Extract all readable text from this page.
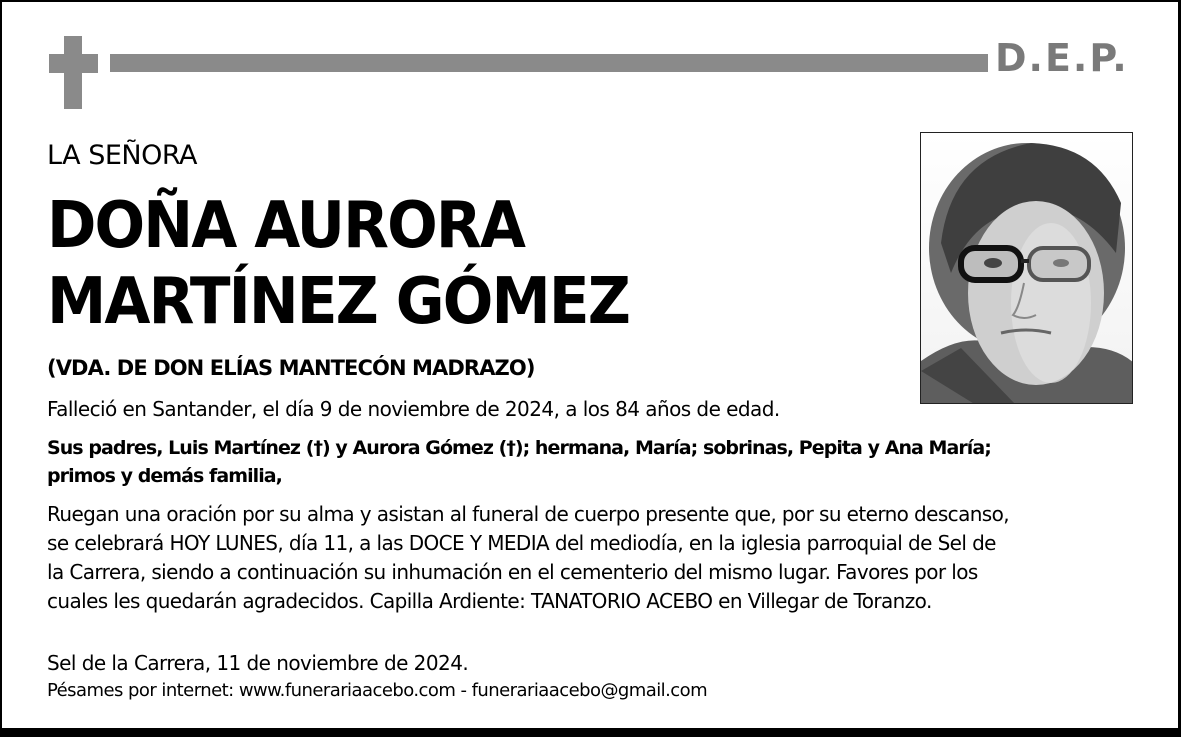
D.E.P.
LA SEÑORA
DOÑA AURORA
MARTÍNEZ GÓMEZ
(VDA. DE DON ELÍAS MANTECÓN MADRAZO)
Falleció en Santander, el día 9 de noviembre de 2024, a los 84 años de edad.
Sus padres, Luis Martínez (†) y Aurora Gómez (†); hermana, María; sobrinas, Pepita y Ana María;
primos y demás familia,
Ruegan una oración por su alma y asistan al funeral de cuerpo presente que, por su eterno descanso,
se celebrará HOY LUNES, día 11, a las DOCE Y MEDIA del mediodía, en la iglesia parroquial de Sel de
la Carrera, siendo a continuación su inhumación en el cementerio del mismo lugar. Favores por los
cuales les quedarán agradecidos. Capilla Ardiente: TANATORIO ACEBO en Villegar de Toranzo.
Sel de la Carrera, 11 de noviembre de 2024.
Pésames por internet: www.funerariaacebo.com - funerariaacebo@gmail.com
